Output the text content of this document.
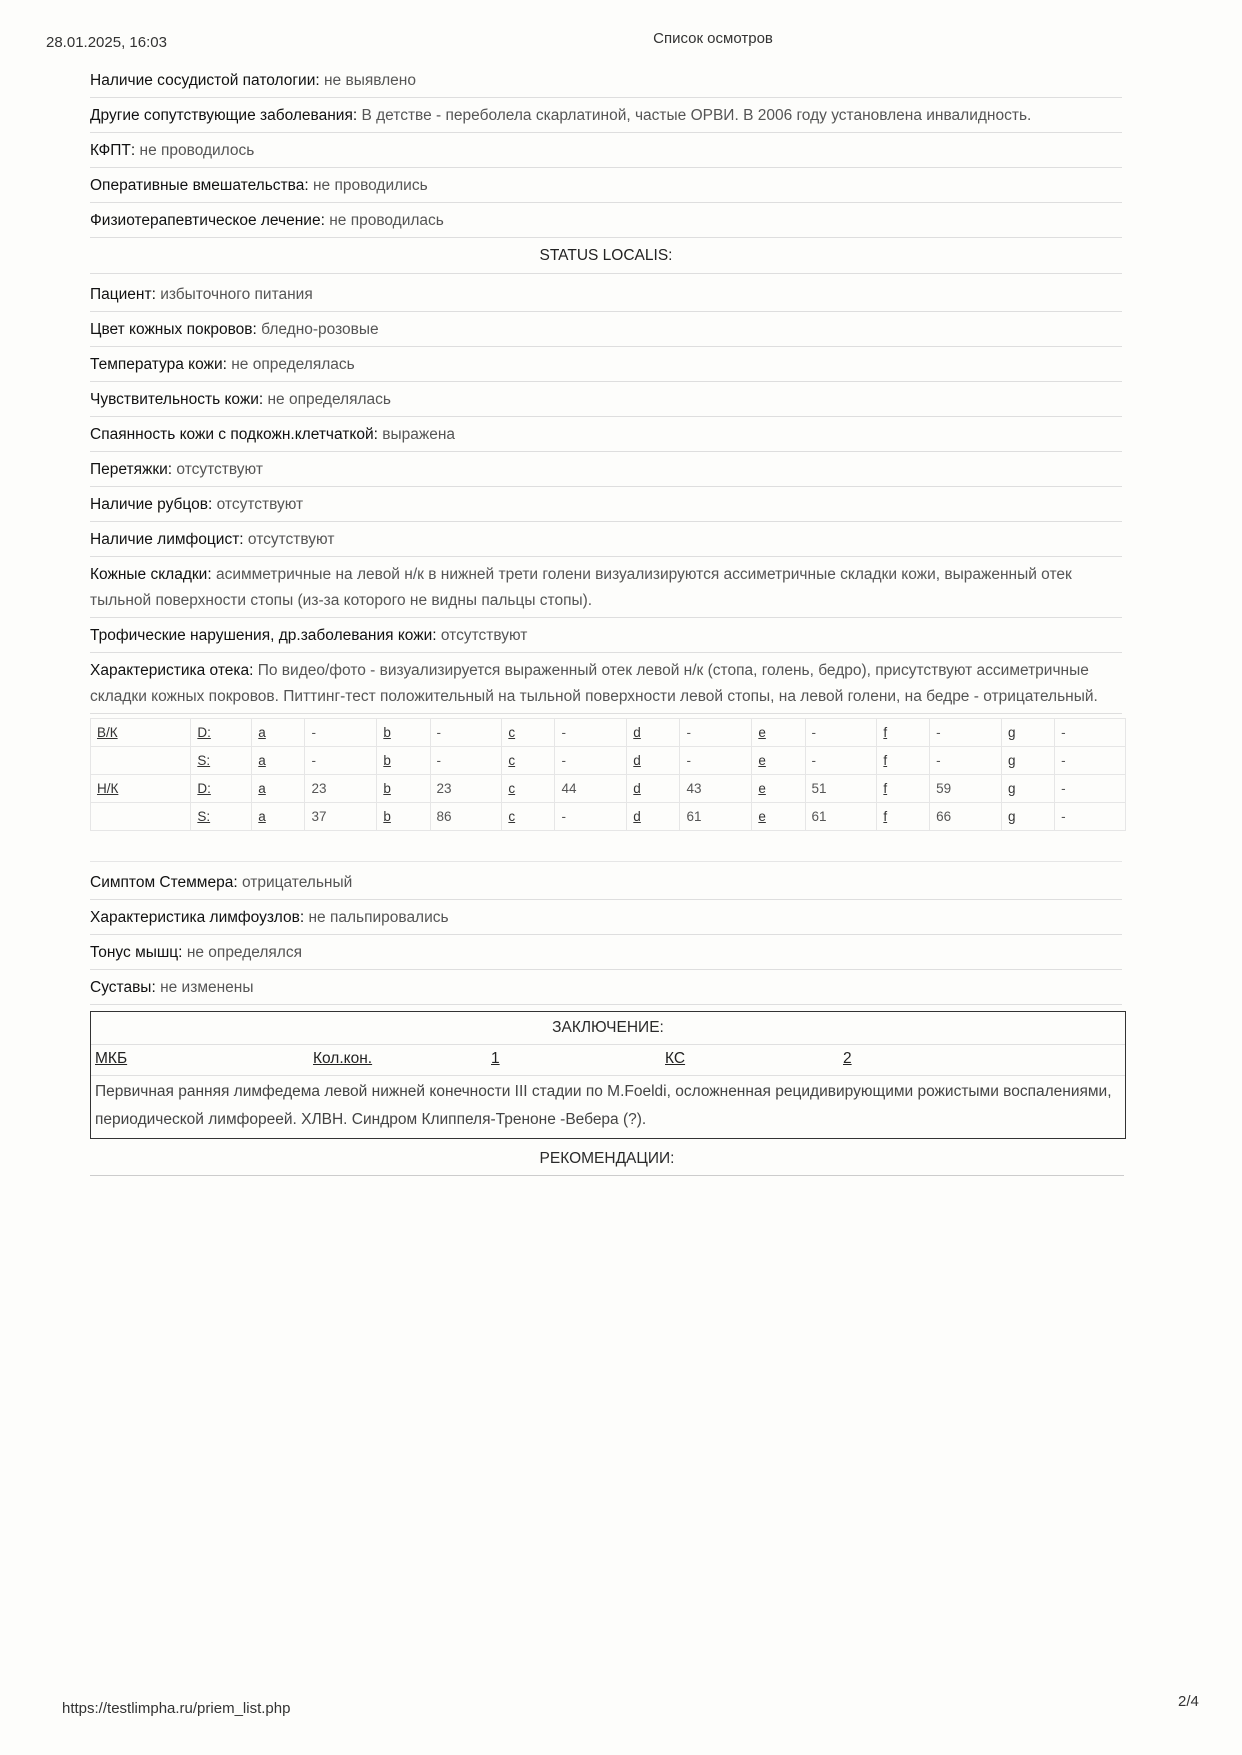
28.01.2025, 16:03	Список осмотров
Наличие сосудистой патологии: не выявлено
Другие сопутствующие заболевания: В детстве - переболела скарлатиной, частые ОРВИ. В 2006 году установлена инвалидность.
КФПТ: не проводилось
Оперативные вмешательства: не проводились
Физиотерапевтическое лечение: не проводилась
STATUS LOCALIS:
Пациент: избыточного питания
Цвет кожных покровов: бледно-розовые
Температура кожи: не определялась
Чувствительность кожи: не определялась
Спаянность кожи с подкожн.клетчаткой: выражена
Перетяжки: отсутствуют
Наличие рубцов: отсутствуют
Наличие лимфоцист: отсутствуют
Кожные складки: асимметричные на левой н/к в нижней трети голени визуализируются ассиметричные складки кожи, выраженный отек тыльной поверхности стопы (из-за которого не видны пальцы стопы).
Трофические нарушения, др.заболевания кожи: отсутствуют
Характеристика отека: По видео/фото - визуализируется выраженный отек левой н/к (стопа, голень, бедро), присутствуют ассиметричные складки кожных покровов. Питтинг-тест положительный на тыльной поверхности левой стопы, на левой голени, на бедре - отрицательный.
В/К	D:	a	-	b	-	c	-	d	-	e	-	f	-	g	-
	S:	a	-	b	-	c	-	d	-	e	-	f	-	g	-
Н/К	D:	a	23	b	23	c	44	d	43	e	51	f	59	g	-
	S:	a	37	b	86	c	-	d	61	e	61	f	66	g	-
Симптом Стеммера: отрицательный
Характеристика лимфоузлов: не пальпировались
Тонус мышц: не определялся
Суставы: не изменены
ЗАКЛЮЧЕНИЕ:
МКБ	Кол.кон.	1	КС	2
Первичная ранняя лимфедема левой нижней конечности III стадии по M.Foeldi, осложненная рецидивирующими рожистыми воспалениями, периодической лимфореей. ХЛВН. Синдром Клиппеля-Треноне -Вебера (?).
РЕКОМЕНДАЦИИ:
https://testlimpha.ru/priem_list.php	2/4
